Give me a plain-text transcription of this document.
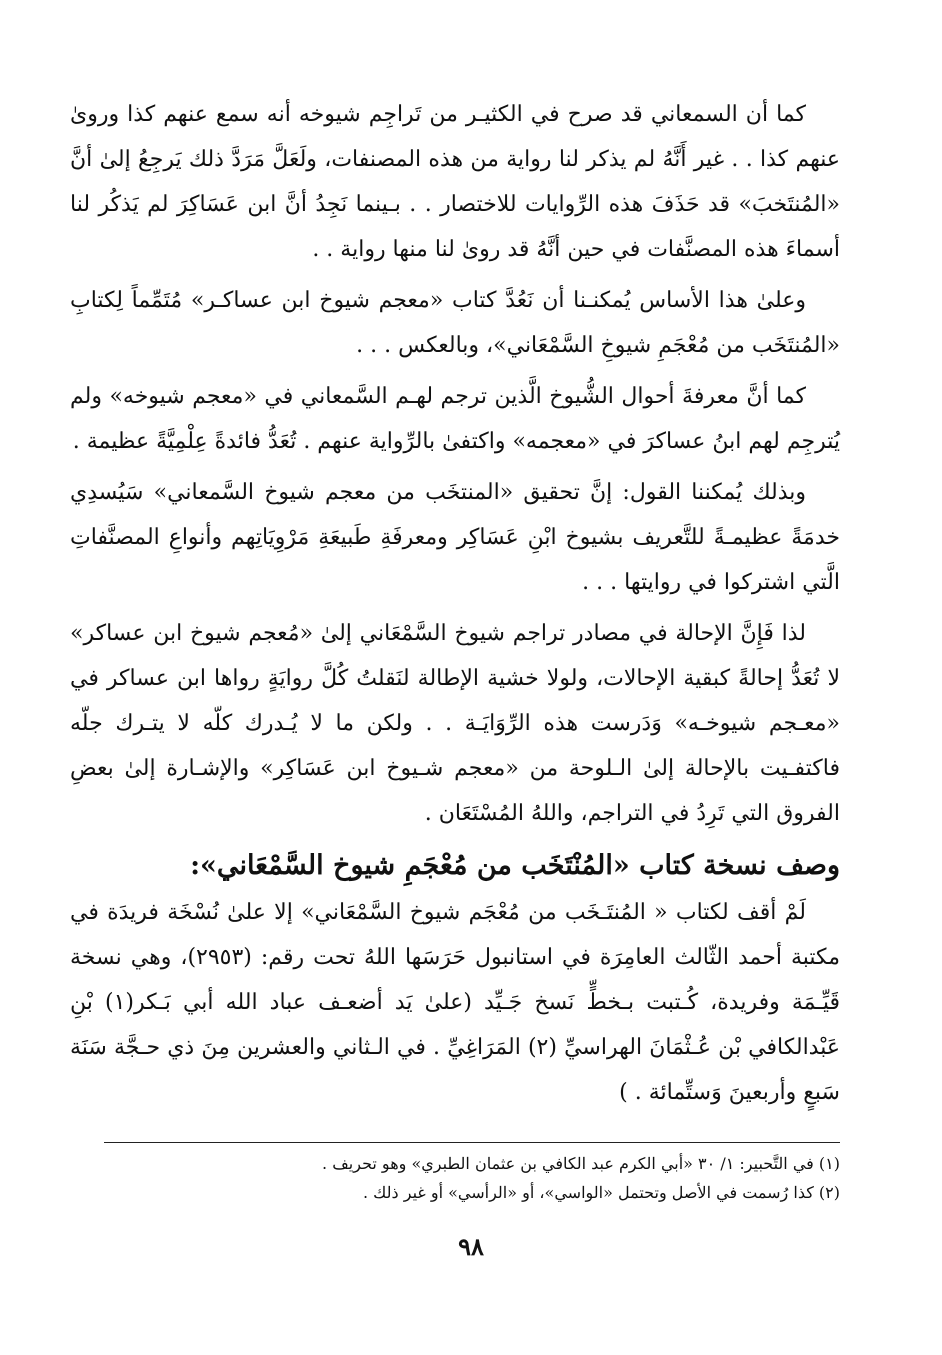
كما أن السمعاني قد صرح في الكثيـر من تَراجِم شيوخه أنه سمع عنهم كذا وروىٰ عنهم كذا . . غير أَنَّهُ لم يذكر لنا رواية من هذه المصنفات، ولَعَلَّ مَرَدَّ ذلك يَرجِعُ إلىٰ أنَّ «المُنتَخبَ» قد حَذَفَ هذه الرِّوايات للاختصار . . بـينما نَجِدُ أنَّ ابن عَسَاكِرَ لم يَذكُر لنا أسماءَ هذه المصنَّفات في حين أنَّهُ قد روىٰ لنا منها رواية . .

وعلىٰ هذا الأساس يُمكنـنا أن نَعُدَّ كتاب «معجم شيوخ ابن عساكـر» مُتَمِّماً لِكتابِ «المُنتَخَب من مُعْجَمِ شيوخِ السَّمْعَاني»، وبالعكس . . .

كما أنَّ معرفةَ أحوال الشُّيوخ الَّذين ترجم لهـم السَّمعاني في «معجم شيوخه» ولم يُترجِم لهم ابنُ عساكرَ في «معجمه» واكتفىٰ بالرِّواية عنهم . تُعَدُّ فائدةً عِلْمِيَّةً عظيمة .

وبذلك يُمكننا القول: إنَّ تحقيق «المنتخَب من معجم شيوخ السَّمعاني» سَيُسدِي خدمَةً عظيمـةً للتَّعريف بشيوخ ابْنِ عَسَاكِر ومعرفَةِ طَبيعَةِ مَرْوِيَاتِهم وأنواعِ المصنَّفاتِ الَّتي اشتركوا في روايتها . . .

لذا فَإِنَّ الإحالة في مصادر تراجم شيوخ السَّمْعَاني إلىٰ «مُعجم شيوخ ابن عساكر» لا تُعَدُّ إحالةً كبقية الإحالات، ولولا خشية الإطالة لنَقلتُ كُلَّ روايَةٍ رواها ابن عساكر في «معـجم شيوخـه» وَدَرست هذه الرِّوَايَـة . . ولكن ما لا يُـدرك كلّه لا يتـرك جلّه فاكتفـيت بالإحالة إلىٰ الـلوحة من «معجم شـيوخ ابن عَسَاكِر» والإشـارة إلىٰ بعضِ الفروق التي تَرِدُ في التراجم، واللهُ المُسْتَعَان .

وصف نسخة كتاب «المُنْتَخَب من مُعْجَمِ شيوخ السَّمْعَاني»:

لَمْ أقف لكتاب « المُنتَـخَب من مُعْجَم شيوخ السَّمْعَاني» إلا علىٰ نُسْخَة فريدَة في مكتبة أحمد الثّالث العامِرَة في استانبول حَرَسَها اللهُ تحت رقم: (٢٩٥٣)، وهي نسخة قَيِّـمَة وفريدة، كُـتبت بـخطٍّ نَسخ جَـيِّد (علىٰ يَد أضعـف عباد الله أبي بَـكر(١) بْنِ عَبْدالكافي بْن عُـثْمَانَ الهراسيِّ (٢) المَرَاغِيِّ . في الـثاني والعشرين مِنَ ذي حـجَّة سَنَة سَبعٍ وأربعينَ وَستِّمائة . )

(١) في التَّحبير: ١/ ٣٠ «أبي الكرم عبد الكافي بن عثمان الطبري» وهو تحريف .

(٢) كذا رُسمت في الأصل وتحتمل «الواسي»، أو «الرأسي» أو غير ذلك .

٩٨
